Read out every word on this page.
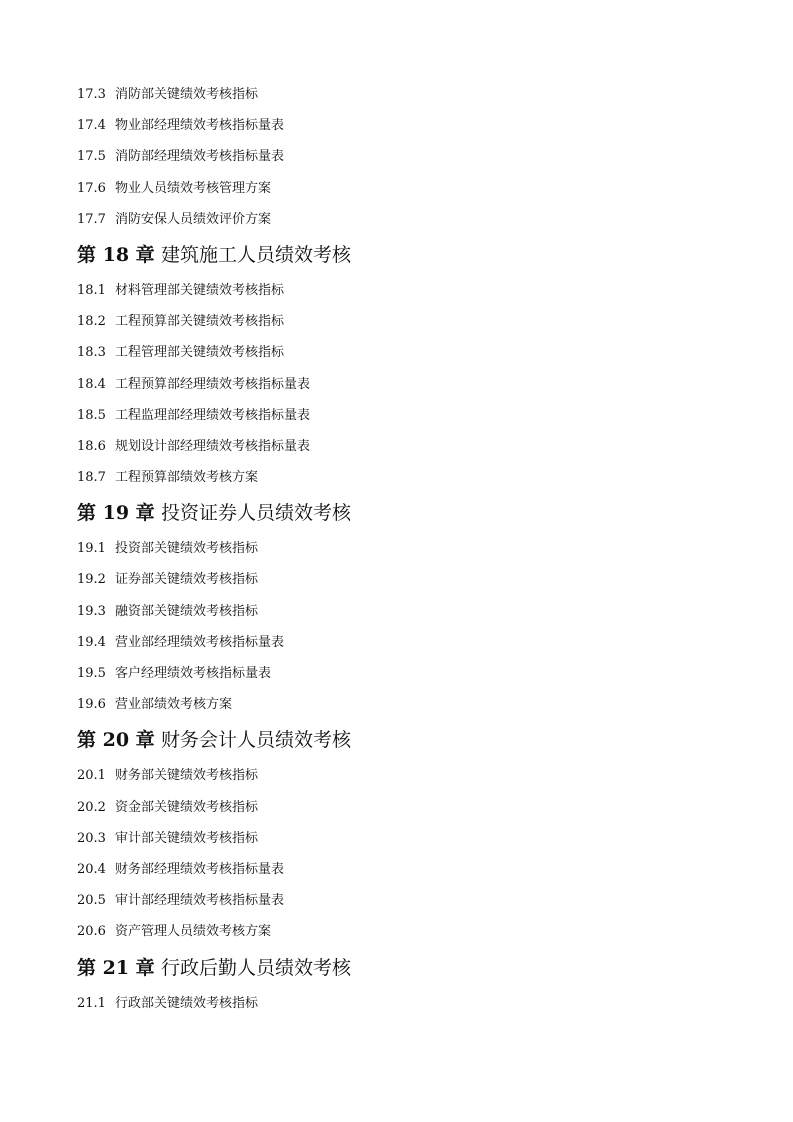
17.3 消防部关键绩效考核指标
17.4 物业部经理绩效考核指标量表
17.5 消防部经理绩效考核指标量表
17.6 物业人员绩效考核管理方案
17.7 消防安保人员绩效评价方案
第 18 章 建筑施工人员绩效考核
18.1 材料管理部关键绩效考核指标
18.2 工程预算部关键绩效考核指标
18.3 工程管理部关键绩效考核指标
18.4 工程预算部经理绩效考核指标量表
18.5 工程监理部经理绩效考核指标量表
18.6 规划设计部经理绩效考核指标量表
18.7 工程预算部绩效考核方案
第 19 章 投资证券人员绩效考核
19.1 投资部关键绩效考核指标
19.2 证券部关键绩效考核指标
19.3 融资部关键绩效考核指标
19.4 营业部经理绩效考核指标量表
19.5 客户经理绩效考核指标量表
19.6 营业部绩效考核方案
第 20 章 财务会计人员绩效考核
20.1 财务部关键绩效考核指标
20.2 资金部关键绩效考核指标
20.3 审计部关键绩效考核指标
20.4 财务部经理绩效考核指标量表
20.5 审计部经理绩效考核指标量表
20.6 资产管理人员绩效考核方案
第 21 章 行政后勤人员绩效考核
21.1 行政部关键绩效考核指标
